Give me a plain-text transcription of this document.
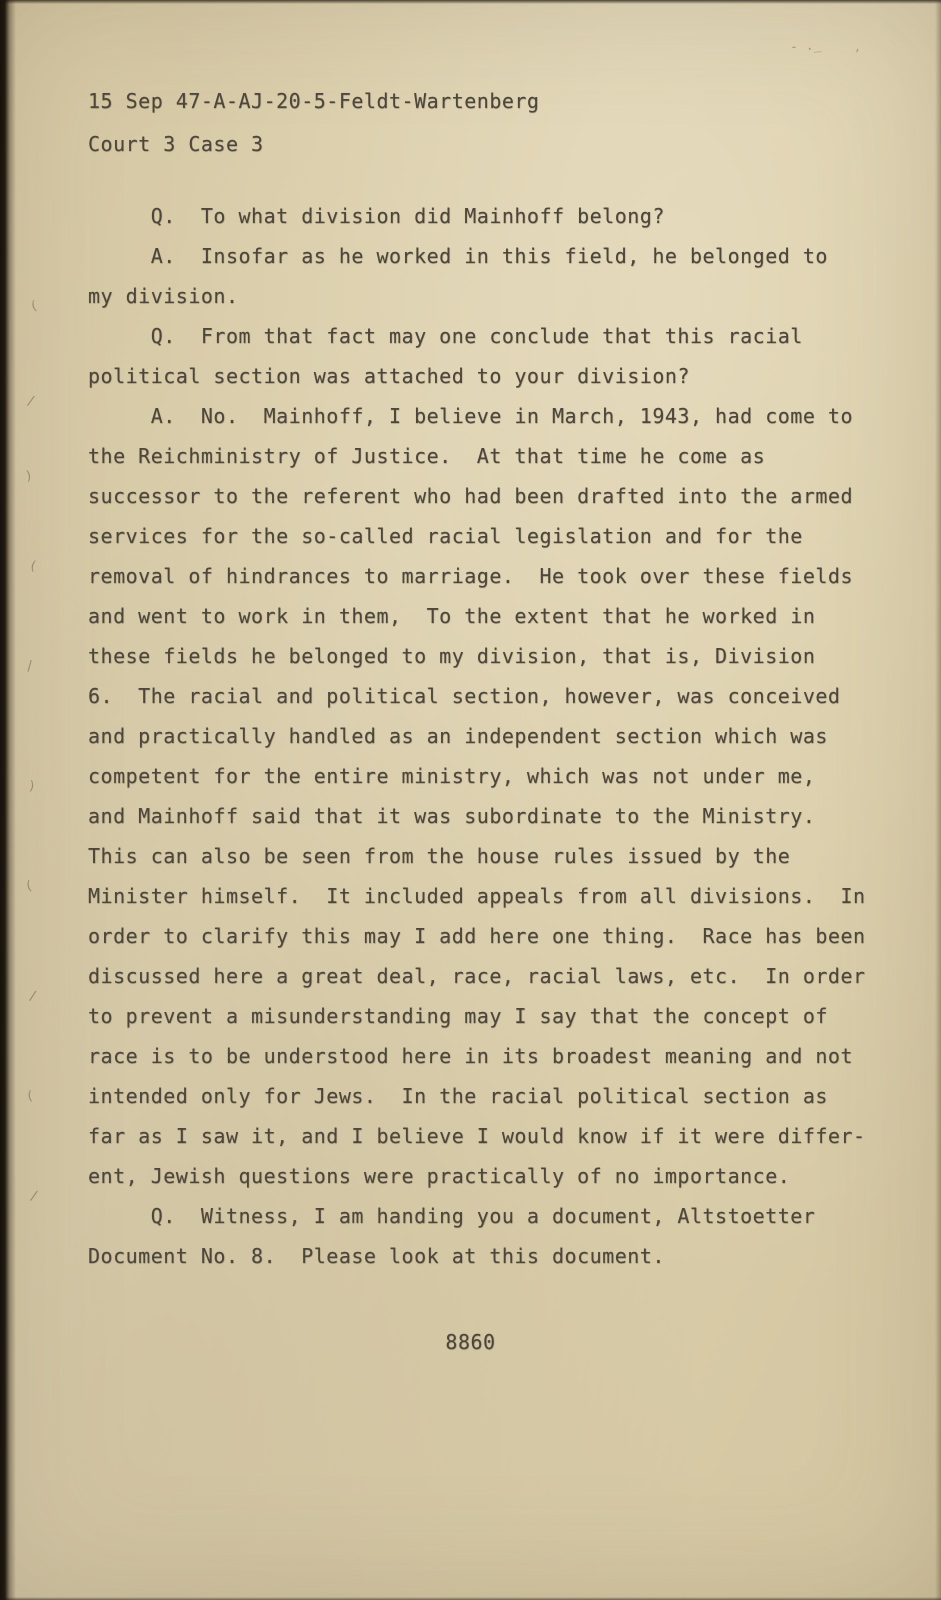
(
/
)
(
/
)
(
/
(
/
- ._ '
15 Sep 47-A-AJ-20-5-Feldt-Wartenberg
Court 3 Case 3
Q.  To what division did Mainhoff belong?
A.  Insofar as he worked in this field, he belonged to
my division.
Q.  From that fact may one conclude that this racial
political section was attached to your division?
A.  No.  Mainhoff, I believe in March, 1943, had come to
the Reichministry of Justice.  At that time he come as
successor to the referent who had been drafted into the armed
services for the so-called racial legislation and for the
removal of hindrances to marriage.  He took over these fields
and went to work in them,  To the extent that he worked in
these fields he belonged to my division, that is, Division
6.  The racial and political section, however, was conceived
and practically handled as an independent section which was
competent for the entire ministry, which was not under me,
and Mainhoff said that it was subordinate to the Ministry.
This can also be seen from the house rules issued by the
Minister himself.  It included appeals from all divisions.  In
order to clarify this may I add here one thing.  Race has been
discussed here a great deal, race, racial laws, etc.  In order
to prevent a misunderstanding may I say that the concept of
race is to be understood here in its broadest meaning and not
intended only for Jews.  In the racial political section as
far as I saw it, and I believe I would know if it were differ-
ent, Jewish questions were practically of no importance.
Q.  Witness, I am handing you a document, Altstoetter
Document No. 8.  Please look at this document.
8860
